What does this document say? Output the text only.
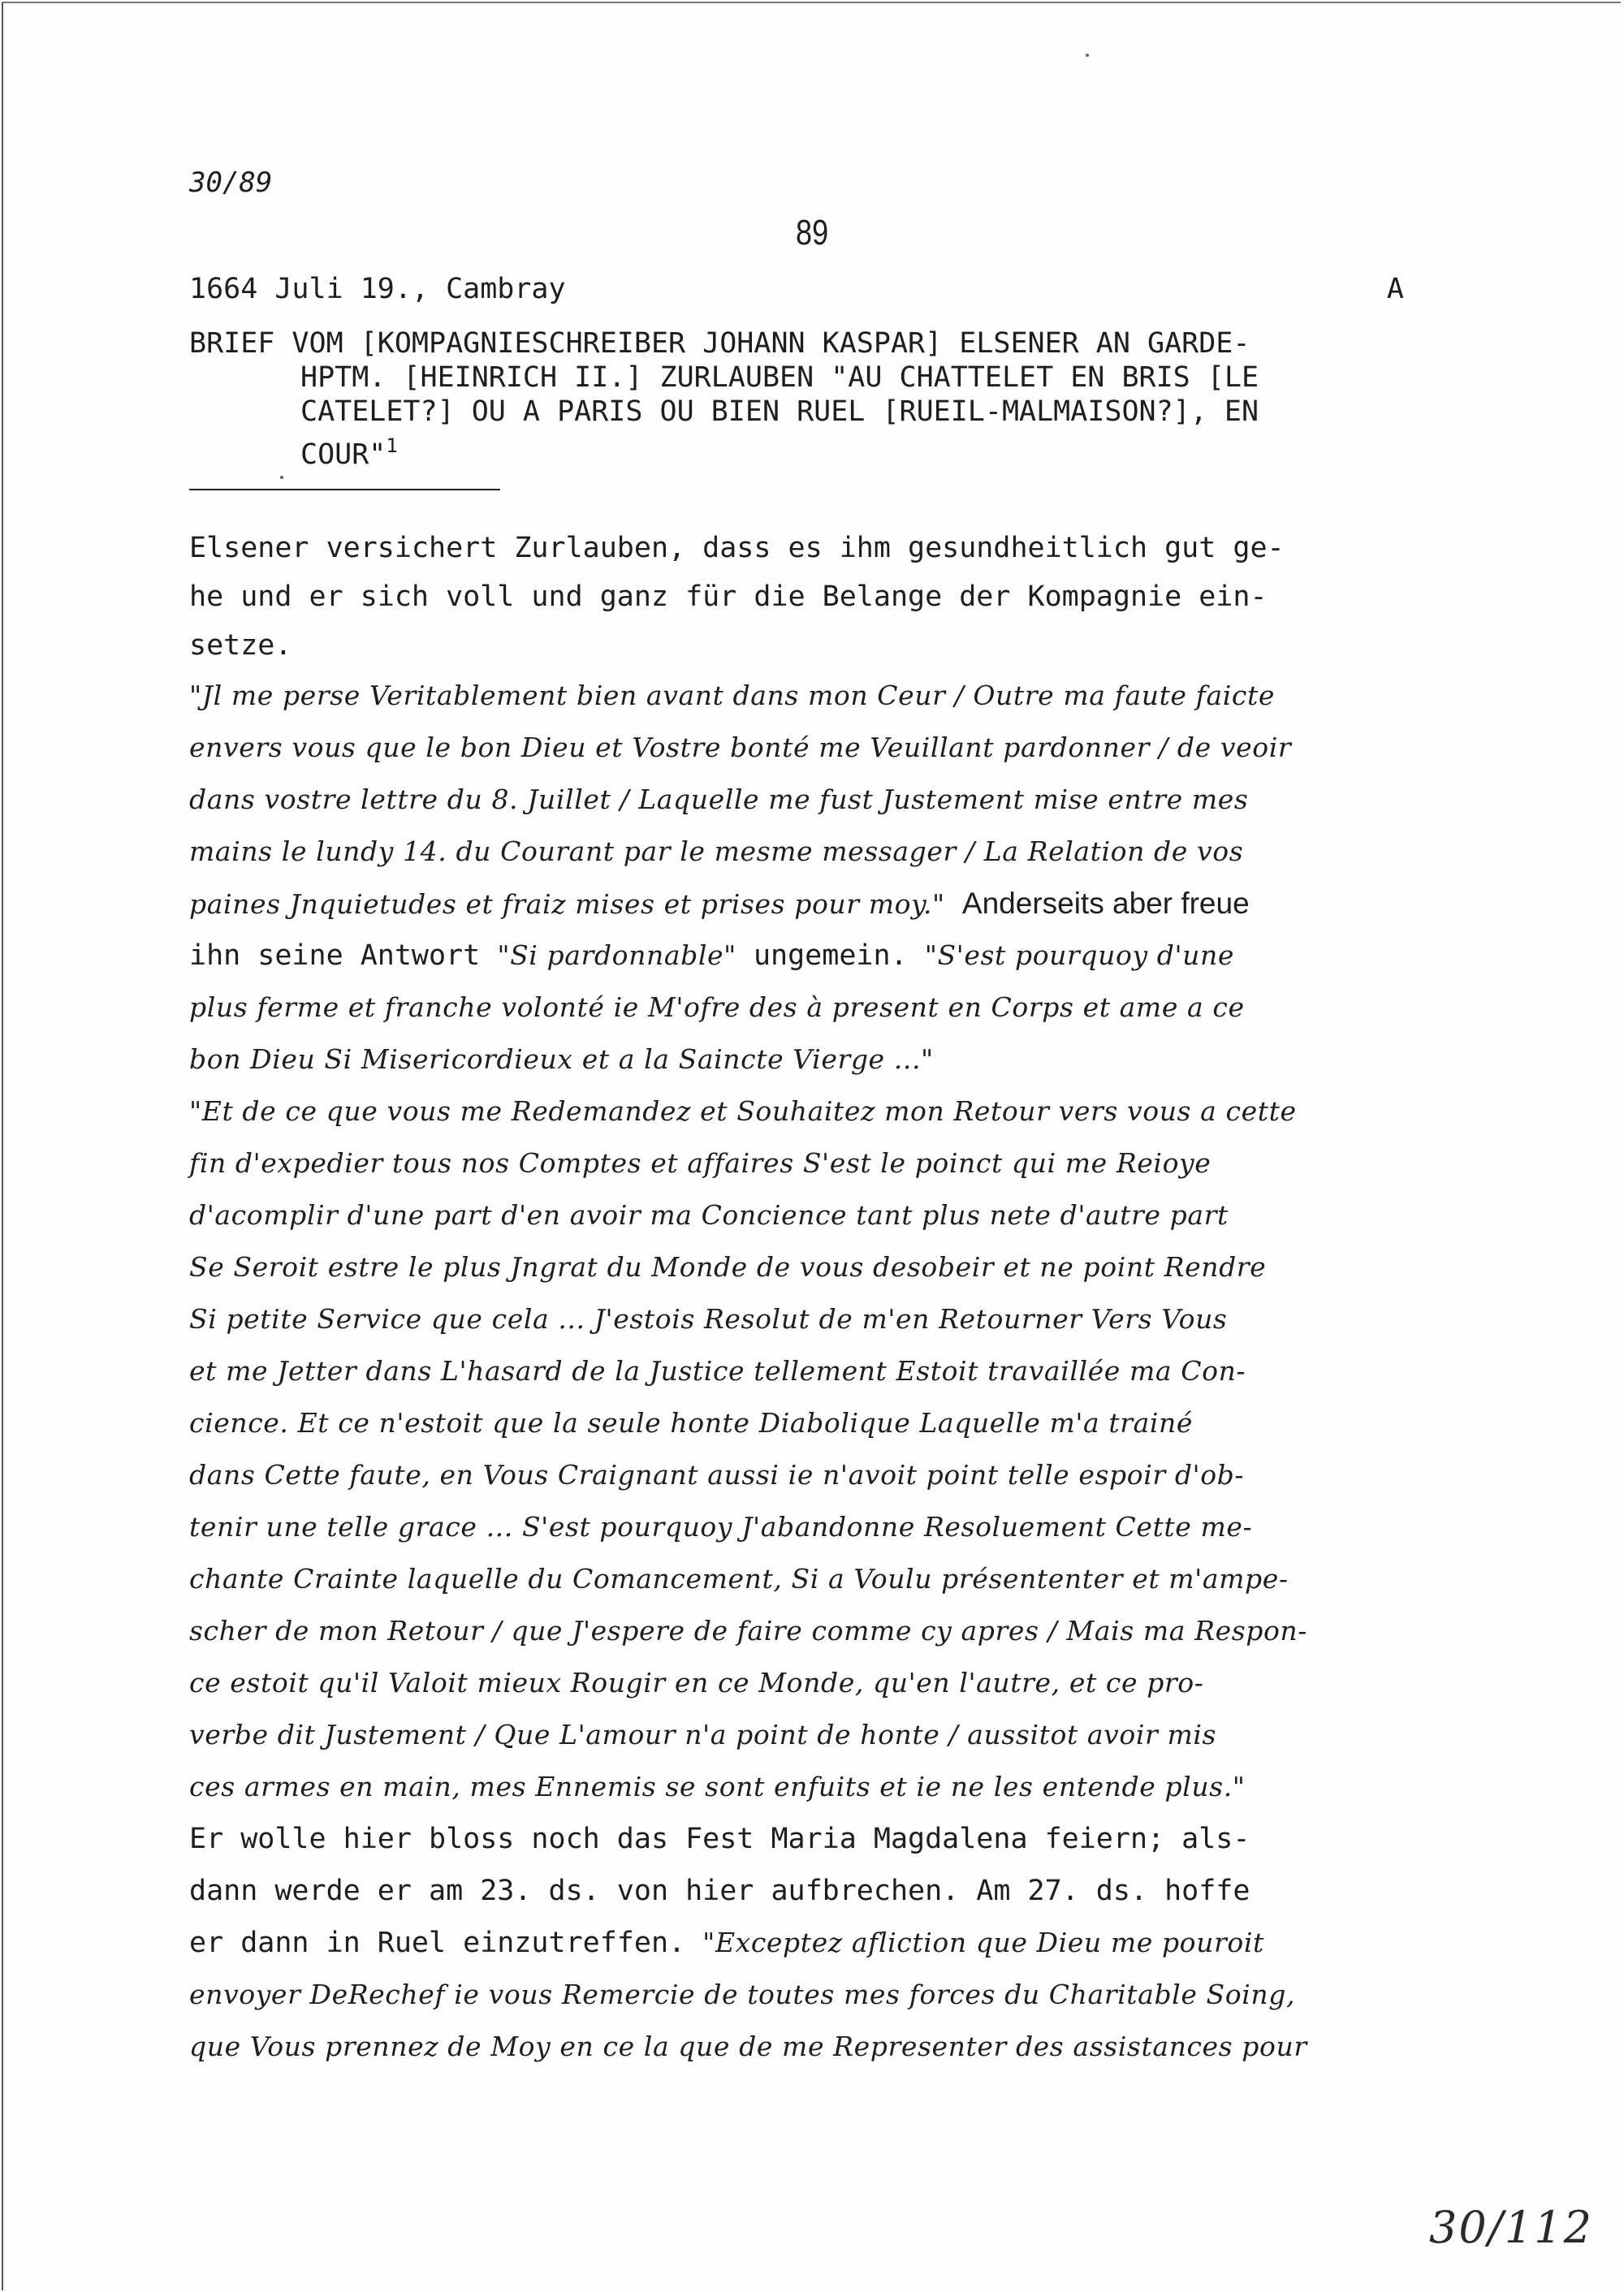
30/89
89
1664 Juli 19., Cambray	A
BRIEF VOM [KOMPAGNIESCHREIBER JOHANN KASPAR] ELSENER AN GARDE-
HPTM. [HEINRICH II.] ZURLAUBEN "AU CHATTELET EN BRIS [LE
CATELET?] OU A PARIS OU BIEN RUEL [RUEIL-MALMAISON?], EN
COUR"$^1$
Elsener versichert Zurlauben, dass es ihm gesundheitlich gut ge-
he und er sich voll und ganz für die Belange der Kompagnie ein-
setze.
"Jl me perse Veritablement bien avant dans mon Ceur / Outre ma faute faicte
envers vous que le bon Dieu et Vostre bonté me Veuillant pardonner / de veoir
dans vostre lettre du 8. Juillet / Laquelle me fust Justement mise entre mes
mains le lundy 14. du Courant par le mesme messager / La Relation de vos
paines Jnquietudes et fraiz mises et prises pour moy." Anderseits aber freue
ihn seine Antwort "Si pardonnable" ungemein. "S'est pourquoy d'une
plus ferme et franche volonté ie M'ofre des à present en Corps et ame a ce
bon Dieu Si Misericordieux et a la Saincte Vierge ..."
"Et de ce que vous me Redemandez et Souhaitez mon Retour vers vous a cette
fin d'expedier tous nos Comptes et affaires S'est le poinct qui me Reioye
d'acomplir d'une part d'en avoir ma Concience tant plus nete d'autre part
Se Seroit estre le plus Jngrat du Monde de vous desobeir et ne point Rendre
Si petite Service que cela ... J'estois Resolut de m'en Retourner Vers Vous
et me Jetter dans L'hasard de la Justice tellement Estoit travaillée ma Con-
cience. Et ce n'estoit que la seule honte Diabolique Laquelle m'a trainé
dans Cette faute, en Vous Craignant aussi ie n'avoit point telle espoir d'ob-
tenir une telle grace ... S'est pourquoy J'abandonne Resoluement Cette me-
chante Crainte laquelle du Comancement, Si a Voulu présententer et m'ampe-
scher de mon Retour / que J'espere de faire comme cy apres / Mais ma Respon-
ce estoit qu'il Valoit mieux Rougir en ce Monde, qu'en l'autre, et ce pro-
verbe dit Justement / Que L'amour n'a point de honte / aussitot avoir mis
ces armes en main, mes Ennemis se sont enfuits et ie ne les entende plus."
Er wolle hier bloss noch das Fest Maria Magdalena feiern; als-
dann werde er am 23. ds. von hier aufbrechen. Am 27. ds. hoffe
er dann in Ruel einzutreffen. "Exceptez afliction que Dieu me pouroit
envoyer DeRechef ie vous Remercie de toutes mes forces du Charitable Soing,
que Vous prennez de Moy en ce la que de me Representer des assistances pour
30/112
